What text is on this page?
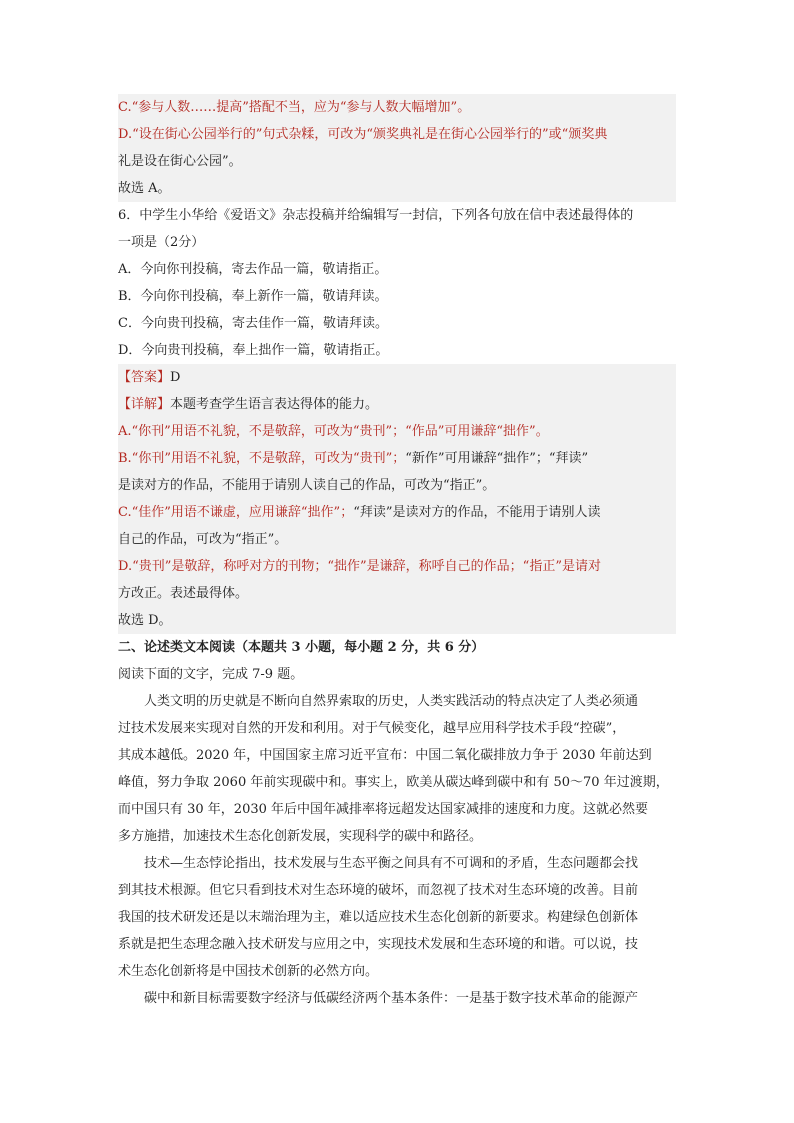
C.“参与人数……提高”搭配不当，应为“参与人数大幅增加”。
D.“设在街心公园举行的”句式杂糅，可改为“颁奖典礼是在街心公园举行的”或“颁奖典
礼是设在街心公园”。
故选 A。
6．中学生小华给《爱语文》杂志投稿并给编辑写一封信，下列各句放在信中表述最得体的
一项是（2分）
A．今向你刊投稿，寄去作品一篇，敬请指正。
B．今向你刊投稿，奉上新作一篇，敬请拜读。
C．今向贵刊投稿，寄去佳作一篇，敬请拜读。
D．今向贵刊投稿，奉上拙作一篇，敬请指正。
【答案】D
【详解】本题考查学生语言表达得体的能力。
A.“你刊”用语不礼貌，不是敬辞，可改为“贵刊”；“作品”可用谦辞“拙作”。
B.“你刊”用语不礼貌，不是敬辞，可改为“贵刊”；“新作”可用谦辞“拙作”；“拜读”
是读对方的作品，不能用于请别人读自己的作品，可改为“指正”。
C.“佳作”用语不谦虚，应用谦辞“拙作”；“拜读”是读对方的作品，不能用于请别人读
自己的作品，可改为“指正”。
D.“贵刊”是敬辞，称呼对方的刊物；“拙作”是谦辞，称呼自己的作品；“指正”是请对
方改正。表述最得体。
故选 D。
二、论述类文本阅读（本题共 3 小题，每小题 2 分，共 6 分）
阅读下面的文字，完成 7-9 题。
人类文明的历史就是不断向自然界索取的历史，人类实践活动的特点决定了人类必须通
过技术发展来实现对自然的开发和利用。对于气候变化，越早应用科学技术手段“控碳”，
其成本越低。2020 年，中国国家主席习近平宣布：中国二氧化碳排放力争于 2030 年前达到
峰值，努力争取 2060 年前实现碳中和。事实上，欧美从碳达峰到碳中和有 50～70 年过渡期，
而中国只有 30 年，2030 年后中国年减排率将远超发达国家减排的速度和力度。这就必然要
多方施措，加速技术生态化创新发展，实现科学的碳中和路径。
技术—生态悖论指出，技术发展与生态平衡之间具有不可调和的矛盾，生态问题都会找
到其技术根源。但它只看到技术对生态环境的破坏，而忽视了技术对生态环境的改善。目前
我国的技术研发还是以末端治理为主，难以适应技术生态化创新的新要求。构建绿色创新体
系就是把生态理念融入技术研发与应用之中，实现技术发展和生态环境的和谐。可以说，技
术生态化创新将是中国技术创新的必然方向。
碳中和新目标需要数字经济与低碳经济两个基本条件：一是基于数字技术革命的能源产
